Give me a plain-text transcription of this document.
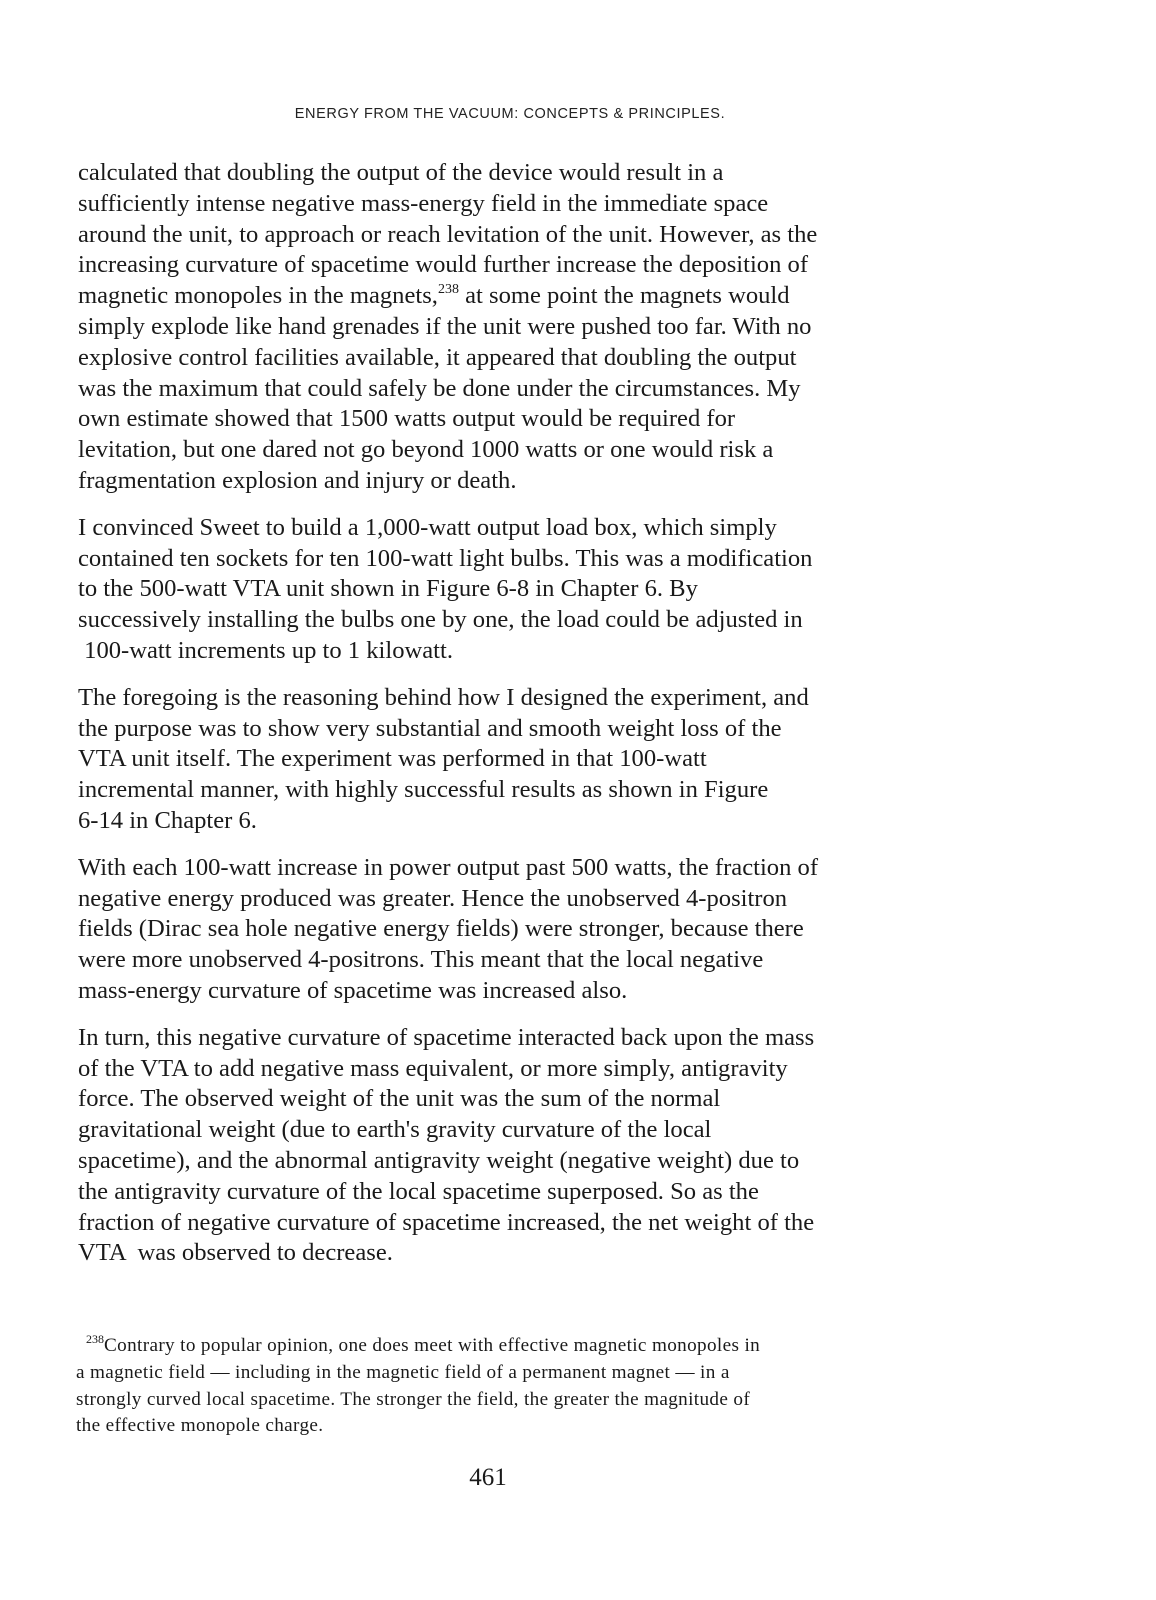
ENERGY FROM THE VACUUM: CONCEPTS & PRINCIPLES.

calculated that doubling the output of the device would result in a
sufficiently intense negative mass-energy field in the immediate space
around the unit, to approach or reach levitation of the unit. However, as the
increasing curvature of spacetime would further increase the deposition of
magnetic monopoles in the magnets,$^{238}$ at some point the magnets would
simply explode like hand grenades if the unit were pushed too far. With no
explosive control facilities available, it appeared that doubling the output
was the maximum that could safely be done under the circumstances. My
own estimate showed that 1500 watts output would be required for
levitation, but one dared not go beyond 1000 watts or one would risk a
fragmentation explosion and injury or death.

I convinced Sweet to build a 1,000-watt output load box, which simply
contained ten sockets for ten 100-watt light bulbs. This was a modification
to the 500-watt VTA unit shown in Figure 6-8 in Chapter 6. By
successively installing the bulbs one by one, the load could be adjusted in
100-watt increments up to 1 kilowatt.

The foregoing is the reasoning behind how I designed the experiment, and
the purpose was to show very substantial and smooth weight loss of the
VTA unit itself. The experiment was performed in that 100-watt
incremental manner, with highly successful results as shown in Figure
6-14 in Chapter 6.

With each 100-watt increase in power output past 500 watts, the fraction of
negative energy produced was greater. Hence the unobserved 4-positron
fields (Dirac sea hole negative energy fields) were stronger, because there
were more unobserved 4-positrons. This meant that the local negative
mass-energy curvature of spacetime was increased also.

In turn, this negative curvature of spacetime interacted back upon the mass
of the VTA to add negative mass equivalent, or more simply, antigravity
force. The observed weight of the unit was the sum of the normal
gravitational weight (due to earth's gravity curvature of the local
spacetime), and the abnormal antigravity weight (negative weight) due to
the antigravity curvature of the local spacetime superposed. So as the
fraction of negative curvature of spacetime increased, the net weight of the
VTA  was observed to decrease.

$^{238}$Contrary to popular opinion, one does meet with effective magnetic monopoles in
a magnetic field — including in the magnetic field of a permanent magnet — in a
strongly curved local spacetime. The stronger the field, the greater the magnitude of
the effective monopole charge.
461
